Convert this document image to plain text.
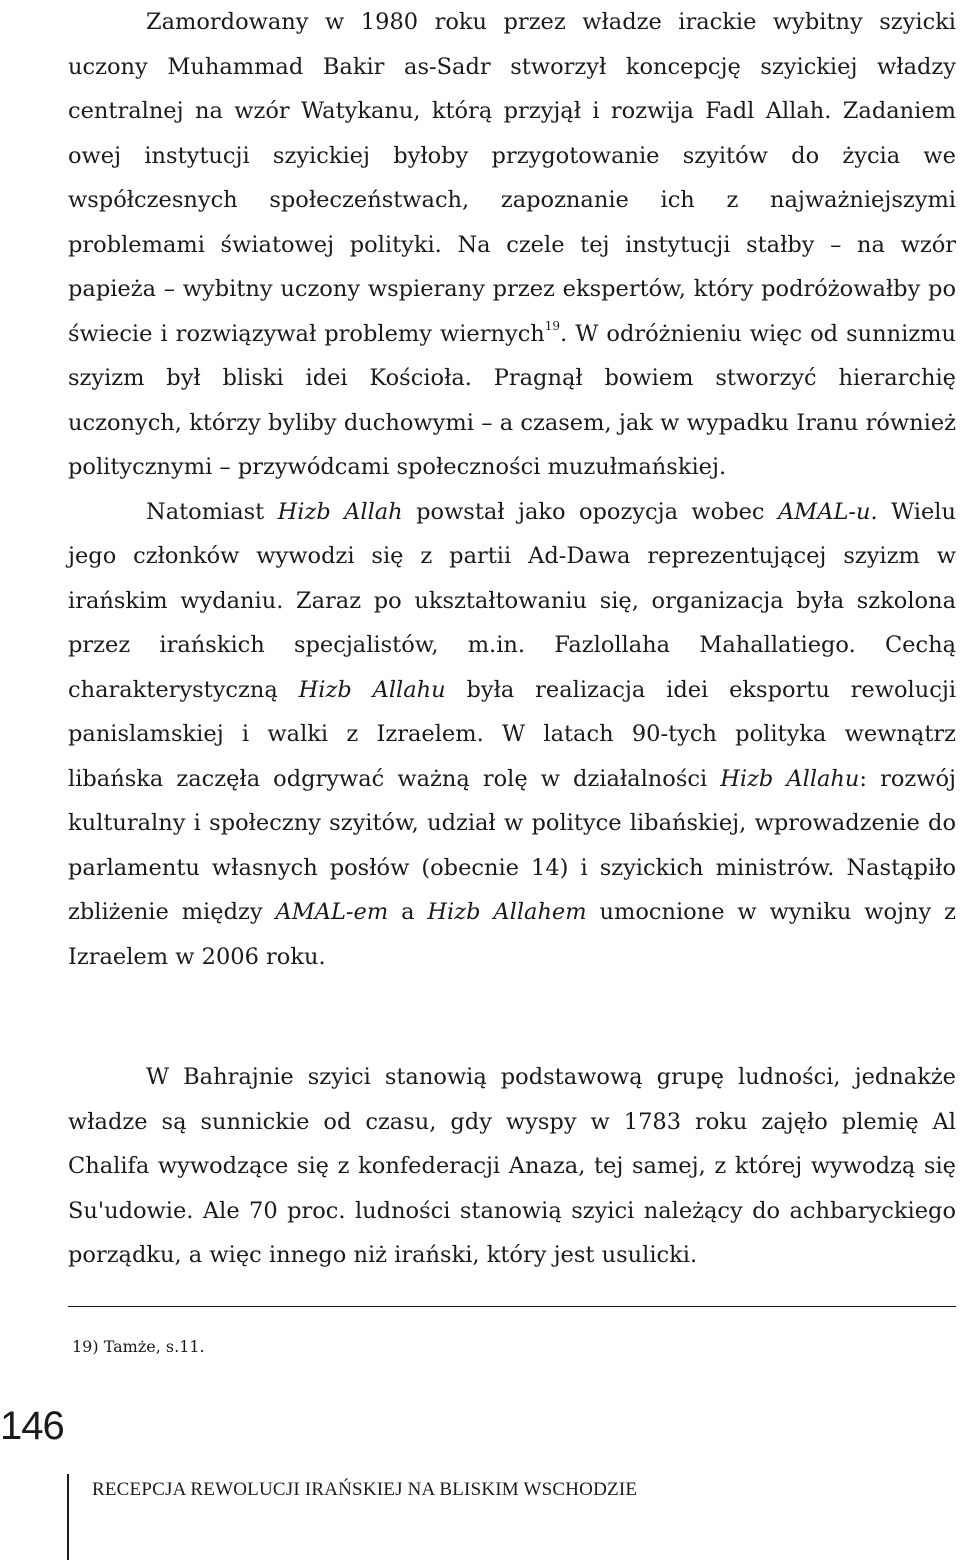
Zamordowany w 1980 roku przez władze irackie wybitny szyicki uczony Muhammad Bakir as-Sadr stworzył koncepcję szyickiej władzy centralnej na wzór Watykanu, którą przyjął i rozwija Fadl Allah. Zadaniem owej instytucji szyickiej byłoby przygotowanie szyitów do życia we współczesnych społeczeństwach, zapoznanie ich z najważniejszymi problemami światowej polityki. Na czele tej instytucji stałby – na wzór papieża – wybitny uczony wspierany przez ekspertów, który podróżowałby po świecie i rozwiązywał problemy wiernych$^{19}$. W odróżnieniu więc od sunnizmu szyizm był bliski idei Kościoła. Pragnął bowiem stworzyć hierarchię uczonych, którzy byliby duchowymi – a czasem, jak w wypadku Iranu również politycznymi – przywódcami społeczności muzułmańskiej.

Natomiast Hizb Allah powstał jako opozycja wobec AMAL-u. Wielu jego członków wywodzi się z partii Ad-Dawa reprezentującej szyizm w irańskim wydaniu. Zaraz po ukształtowaniu się, organizacja była szkolona przez irańskich specjalistów, m.in. Fazlollaha Mahallatiego. Cechą charakterystyczną Hizb Allahu była realizacja idei eksportu rewolucji panislamskiej i walki z Izraelem. W latach 90-tych polityka wewnątrz libańska zaczęła odgrywać ważną rolę w działalności Hizb Allahu: rozwój kulturalny i społeczny szyitów, udział w polityce libańskiej, wprowadzenie do parlamentu własnych posłów (obecnie 14) i szyickich ministrów. Nastąpiło zbliżenie między AMAL-em a Hizb Allahem umocnione w wyniku wojny z Izraelem w 2006 roku.

W Bahrajnie szyici stanowią podstawową grupę ludności, jednakże władze są sunnickie od czasu, gdy wyspy w 1783 roku zajęło plemię Al Chalifa wywodzące się z konfederacji Anaza, tej samej, z której wywodzą się Su'udowie. Ale 70 proc. ludności stanowią szyici należący do achbaryckiego porządku, a więc innego niż irański, który jest usulicki.

19) Tamże, s.11.
146
RECEPCJA REWOLUCJI IRAŃSKIEJ NA BLISKIM WSCHODZIE
